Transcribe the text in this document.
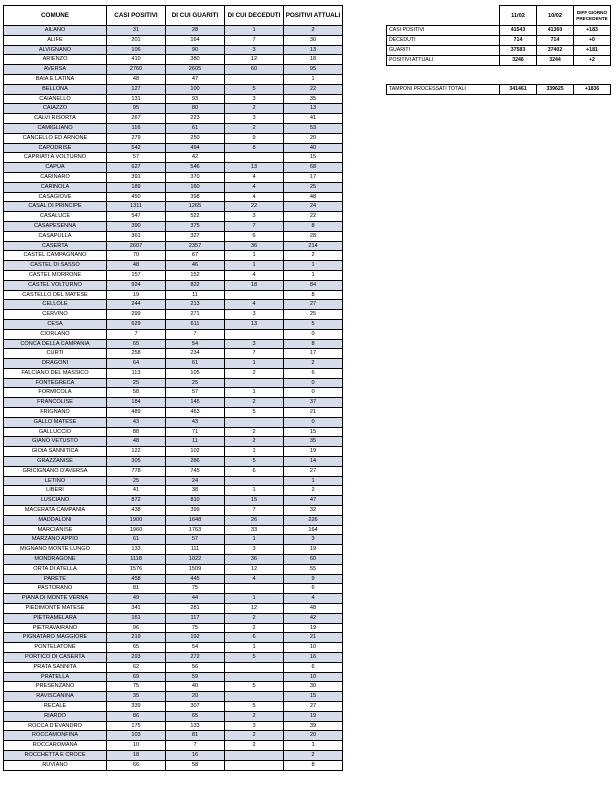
COMUNE	CASI POSITIVI	DI CUI GUARITI	DI CUI DECEDUTI	POSITIVI ATTUALI
AILANO	31	28	1	2
ALIFE	201	164	7	30
ALVIGNANO	106	90	3	13
ARIENZO	410	380	12	18
AVERSA	2760	2605	60	95
BAIA E LATINA	48	47		1
BELLONA	127	100	5	22
CAIANELLO	131	93	3	35
CAIAZZO	95	80	2	13
CALVI RISORTA	267	223	3	41
CAMIGLIANO	116	61	2	53
CANCELLO ED ARNONE	279	250	9	20
CAPODRISE	542	494	8	40
CAPRIATI A VOLTURNO	57	42		15
CAPUA	627	546	13	68
CARINARO	391	370	4	17
CARINOLA	189	160	4	25
CASAGIOVE	450	398	4	48
CASAL DI PRINCIPE	1311	1265	22	24
CASALUCE	547	522	3	22
CASAPESENNA	390	375	7	8
CASAPULLA	361	327	6	28
CASERTA	2607	2357	36	214
CASTEL CAMPAGNANO	70	67	1	2
CASTEL DI SASSO	48	46	1	1
CASTEL MORRONE	157	152	4	1
CASTEL VOLTURNO	924	822	18	84
CASTELLO DEL MATESE	19	11		8
CELLOLE	244	213	4	27
CERVINO	299	271	3	25
CESA	629	611	13	5
CIORLANO	7	7		0
CONCA DELLA CAMPANIA	65	54	3	8
CURTI	258	234	7	17
DRAGONI	64	61	1	2
FALCIANO DEL MASSICO	113	105	2	6
FONTEGRECA	25	25		0
FORMICOLA	58	57	1	0
FRANCOLISE	184	145	2	37
FRIGNANO	489	463	5	21
GALLO MATESE	43	43		0
GALLUCCIO	88	71	2	15
GIANO VETUSTO	48	11	2	35
GIOIA SANNITICA	122	102	1	19
GRAZZANISE	305	286	5	14
GRICIGNANO D'AVERSA	778	745	6	27
LETINO	25	24		1
LIBERI	41	38	1	2
LUSCIANO	872	810	15	47
MACERATA CAMPANIA	438	399	7	32
MADDALONI	1900	1648	26	226
MARCIANISE	1960	1763	33	164
MARZANO APPIO	61	57	1	3
MIGNANO MONTE LUNGO	133	111	3	19
MONDRAGONE	1118	1022	36	60
ORTA DI ATELLA	1576	1509	12	55
PARETE	458	445	4	9
PASTORANO	81	75		6
PIANA DI MONTE VERNA	49	44	1	4
PIEDIMONTE MATESE	341	281	12	48
PIETRAMELARA	161	117	2	42
PIETRAVAIRANO	96	75	2	19
PIGNATARO MAGGIORE	219	192	6	21
PONTELATONE	65	54	1	10
PORTICO DI CASERTA	293	272	5	16
PRATA SANNITA	62	56		6
PRATELLA	69	59		10
PRESENZANO	75	40	5	30
RAVISCANINA	35	20		15
RECALE	339	307	5	27
RIARDO	86	65	2	19
ROCCA D'EVANDRO	175	133	3	39
ROCCAMONFINA	103	81	2	20
ROCCAROMANA	10	7	2	1
ROCCHETTA E CROCE	18	16		2
RUVIANO	66	58		8
	11/02	10/02	DIFF GIORNO
PRECEDENTE

CASI POSITIVI	41543	41360	+183
DECEDUTI	714	714	+0
GUARITI	37583	37402	+181
POSITIVI ATTUALI	3246	3244	+2

TAMPONI PROCESSATI TOTALI	341461	339625	+1836
